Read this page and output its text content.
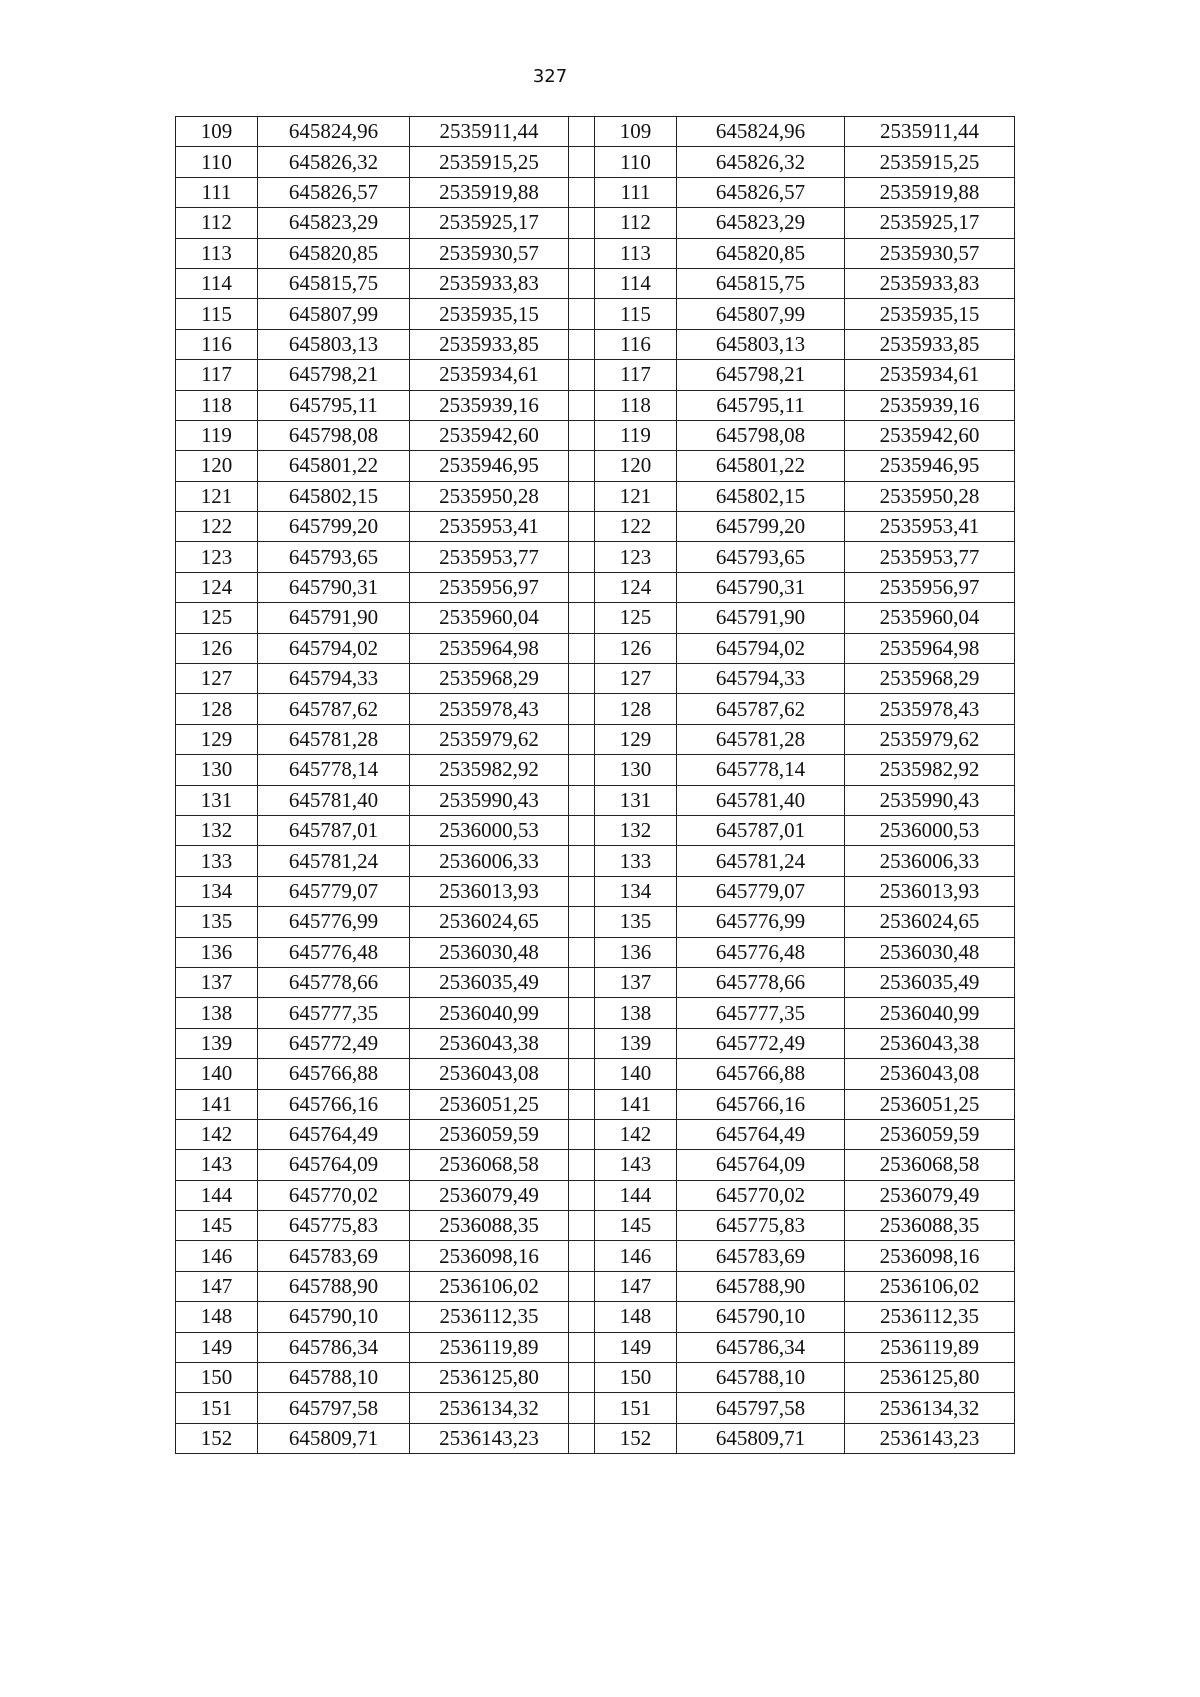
327
109	645824,96	2535911,44		109	645824,96	2535911,44
110	645826,32	2535915,25		110	645826,32	2535915,25
111	645826,57	2535919,88		111	645826,57	2535919,88
112	645823,29	2535925,17		112	645823,29	2535925,17
113	645820,85	2535930,57		113	645820,85	2535930,57
114	645815,75	2535933,83		114	645815,75	2535933,83
115	645807,99	2535935,15		115	645807,99	2535935,15
116	645803,13	2535933,85		116	645803,13	2535933,85
117	645798,21	2535934,61		117	645798,21	2535934,61
118	645795,11	2535939,16		118	645795,11	2535939,16
119	645798,08	2535942,60		119	645798,08	2535942,60
120	645801,22	2535946,95		120	645801,22	2535946,95
121	645802,15	2535950,28		121	645802,15	2535950,28
122	645799,20	2535953,41		122	645799,20	2535953,41
123	645793,65	2535953,77		123	645793,65	2535953,77
124	645790,31	2535956,97		124	645790,31	2535956,97
125	645791,90	2535960,04		125	645791,90	2535960,04
126	645794,02	2535964,98		126	645794,02	2535964,98
127	645794,33	2535968,29		127	645794,33	2535968,29
128	645787,62	2535978,43		128	645787,62	2535978,43
129	645781,28	2535979,62		129	645781,28	2535979,62
130	645778,14	2535982,92		130	645778,14	2535982,92
131	645781,40	2535990,43		131	645781,40	2535990,43
132	645787,01	2536000,53		132	645787,01	2536000,53
133	645781,24	2536006,33		133	645781,24	2536006,33
134	645779,07	2536013,93		134	645779,07	2536013,93
135	645776,99	2536024,65		135	645776,99	2536024,65
136	645776,48	2536030,48		136	645776,48	2536030,48
137	645778,66	2536035,49		137	645778,66	2536035,49
138	645777,35	2536040,99		138	645777,35	2536040,99
139	645772,49	2536043,38		139	645772,49	2536043,38
140	645766,88	2536043,08		140	645766,88	2536043,08
141	645766,16	2536051,25		141	645766,16	2536051,25
142	645764,49	2536059,59		142	645764,49	2536059,59
143	645764,09	2536068,58		143	645764,09	2536068,58
144	645770,02	2536079,49		144	645770,02	2536079,49
145	645775,83	2536088,35		145	645775,83	2536088,35
146	645783,69	2536098,16		146	645783,69	2536098,16
147	645788,90	2536106,02		147	645788,90	2536106,02
148	645790,10	2536112,35		148	645790,10	2536112,35
149	645786,34	2536119,89		149	645786,34	2536119,89
150	645788,10	2536125,80		150	645788,10	2536125,80
151	645797,58	2536134,32		151	645797,58	2536134,32
152	645809,71	2536143,23		152	645809,71	2536143,23
